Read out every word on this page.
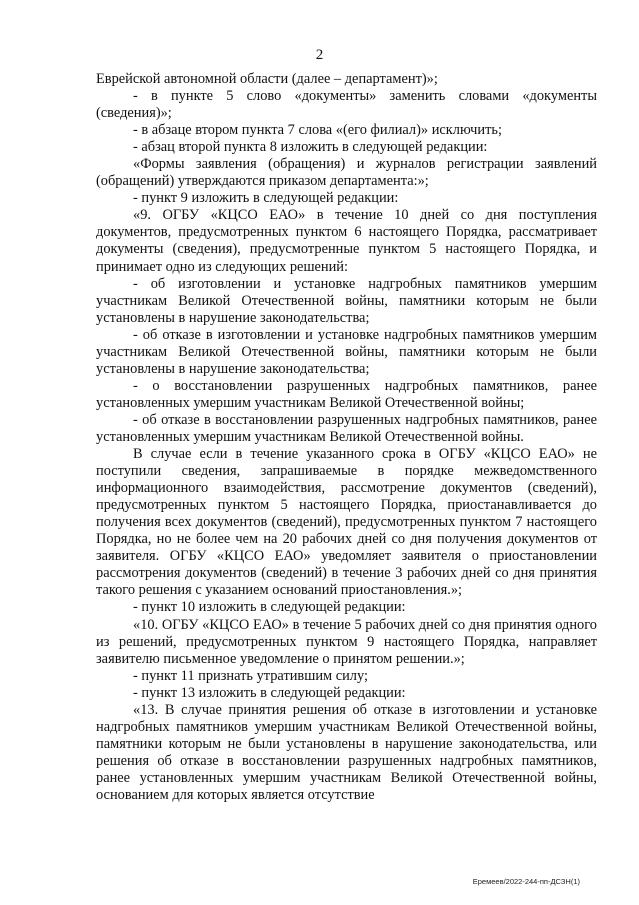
2

Еврейской автономной области (далее – департамент)»;

- в пункте 5 слово «документы» заменить словами «документы (сведения)»;

- в абзаце втором пункта 7 слова «(его филиал)» исключить;

- абзац второй пункта 8 изложить в следующей редакции:

«Формы заявления (обращения) и журналов регистрации заявлений (обращений) утверждаются приказом департамента:»;

- пункт 9 изложить в следующей редакции:

«9. ОГБУ «КЦСО ЕАО» в течение 10 дней со дня поступления документов, предусмотренных пунктом 6 настоящего Порядка, рассматривает документы (сведения), предусмотренные пунктом 5 настоящего Порядка, и принимает одно из следующих решений:

- об изготовлении и установке надгробных памятников умершим участникам Великой Отечественной войны, памятники которым не были установлены в нарушение законодательства;

- об отказе в изготовлении и установке надгробных памятников умершим участникам Великой Отечественной войны, памятники которым не были установлены в нарушение законодательства;

- о восстановлении разрушенных надгробных памятников, ранее установленных умершим участникам Великой Отечественной войны;

- об отказе в восстановлении разрушенных надгробных памятников, ранее установленных умершим участникам Великой Отечественной войны.

В случае если в течение указанного срока в ОГБУ «КЦСО ЕАО» не поступили сведения, запрашиваемые в порядке межведомственного информационного взаимодействия, рассмотрение документов (сведений), предусмотренных пунктом 5 настоящего Порядка, приостанавливается до получения всех документов (сведений), предусмотренных пунктом 7 настоящего Порядка, но не более чем на 20 рабочих дней со дня получения документов от заявителя. ОГБУ «КЦСО ЕАО» уведомляет заявителя о приостановлении рассмотрения документов (сведений) в течение 3 рабочих дней со дня принятия такого решения с указанием оснований приостановления.»;

- пункт 10 изложить в следующей редакции:

«10. ОГБУ «КЦСО ЕАО» в течение 5 рабочих дней со дня принятия одного из решений, предусмотренных пунктом 9 настоящего Порядка, направляет заявителю письменное уведомление о принятом решении.»;

- пункт 11 признать утратившим силу;

- пункт 13 изложить в следующей редакции:

«13. В случае принятия решения об отказе в изготовлении и установке надгробных памятников умершим участникам Великой Отечественной войны, памятники которым не были установлены в нарушение законодательства, или решения об отказе в восстановлении разрушенных надгробных памятников, ранее установленных умершим участникам Великой Отечественной войны, основанием для которых является отсутствие

Еремеев/2022-244-пп-ДСЗН(1)
